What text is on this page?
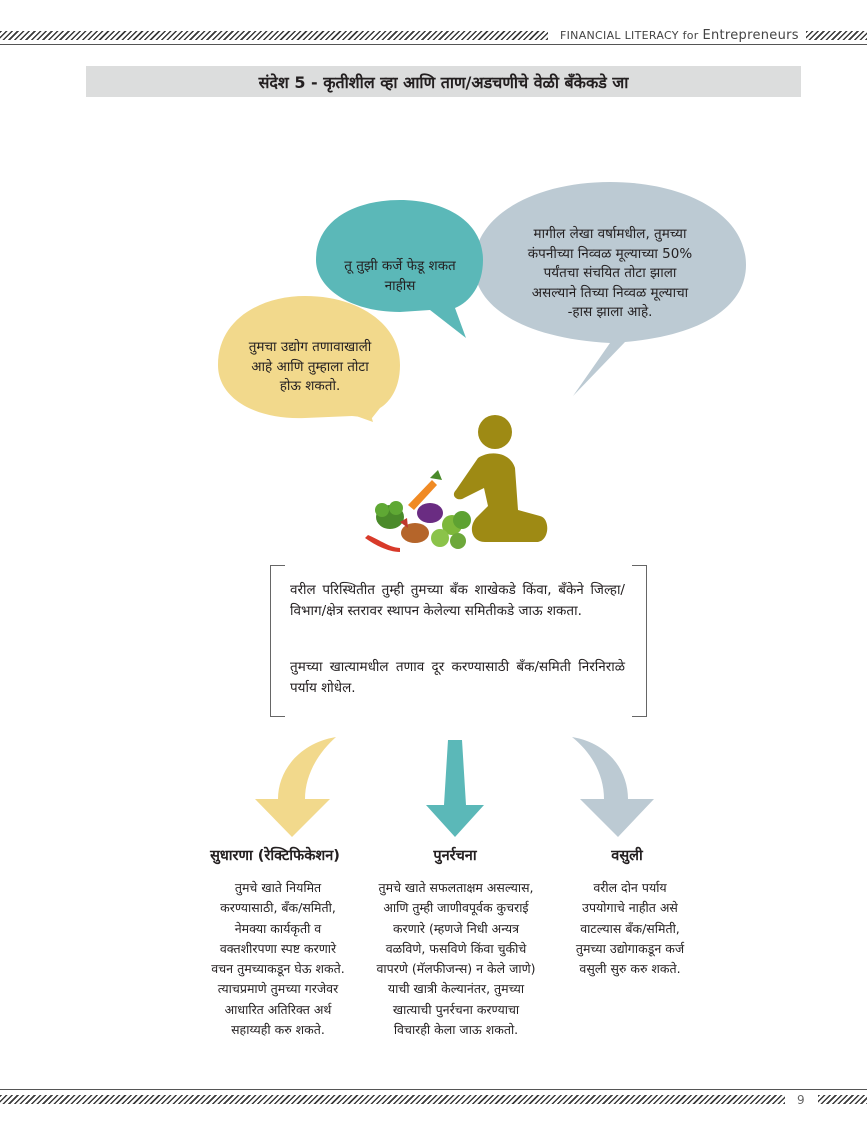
FINANCIAL LITERACY for Entrepreneurs
संदेश 5 - कृतीशील व्हा आणि ताण/अडचणीचे वेळी बँकेकडे जा
तुमचा उद्योग तणावाखाली
आहे आणि तुम्हाला तोटा
होऊ शकतो.
तू तुझी कर्जे फेडू शकत
नाहीस
मागील लेखा वर्षामधील, तुमच्या
कंपनीच्या निव्वळ मूल्याच्या 50%
पर्यंतचा संचयित तोटा झाला
असल्याने तिच्या निव्वळ मूल्याचा
-हास झाला आहे.

वरील परिस्थितीत तुम्ही तुमच्या बँक शाखेकडे किंवा, बँकेने जिल्हा/विभाग/क्षेत्र स्तरावर स्थापन केलेल्या समितीकडे जाऊ शकता.

तुमच्या खात्यामधील तणाव दूर करण्यासाठी बँक/समिती निरनिराळे पर्याय शोधेल.

सुधारणा (रेक्टिफिकेशन)	पुनर्रचना	वसुली
तुमचे खाते नियमित
करण्यासाठी, बँक/समिती,
नेमक्या कार्यकृती व
वक्तशीरपणा स्पष्ट करणारे
वचन तुमच्याकडून घेऊ शकते.
त्याचप्रमाणे तुमच्या गरजेवर
आधारित अतिरिक्त अर्थ
सहाय्यही करु शकते.
तुमचे खाते सफलताक्षम असल्यास,
आणि तुम्ही जाणीवपूर्वक कुचराई
करणारे (म्हणजे निधी अन्यत्र
वळविणे, फसविणे किंवा चुकीचे
वापरणे (मॅलफीजन्स) न केले जाणे)
याची खात्री केल्यानंतर, तुमच्या
खात्याची पुनर्रचना करण्याचा
विचारही केला जाऊ शकतो.
वरील दोन पर्याय
उपयोगाचे नाहीत असे
वाटल्यास बँक/समिती,
तुमच्या उद्योगाकडून कर्ज
वसुली सुरु करु शकते.
9
